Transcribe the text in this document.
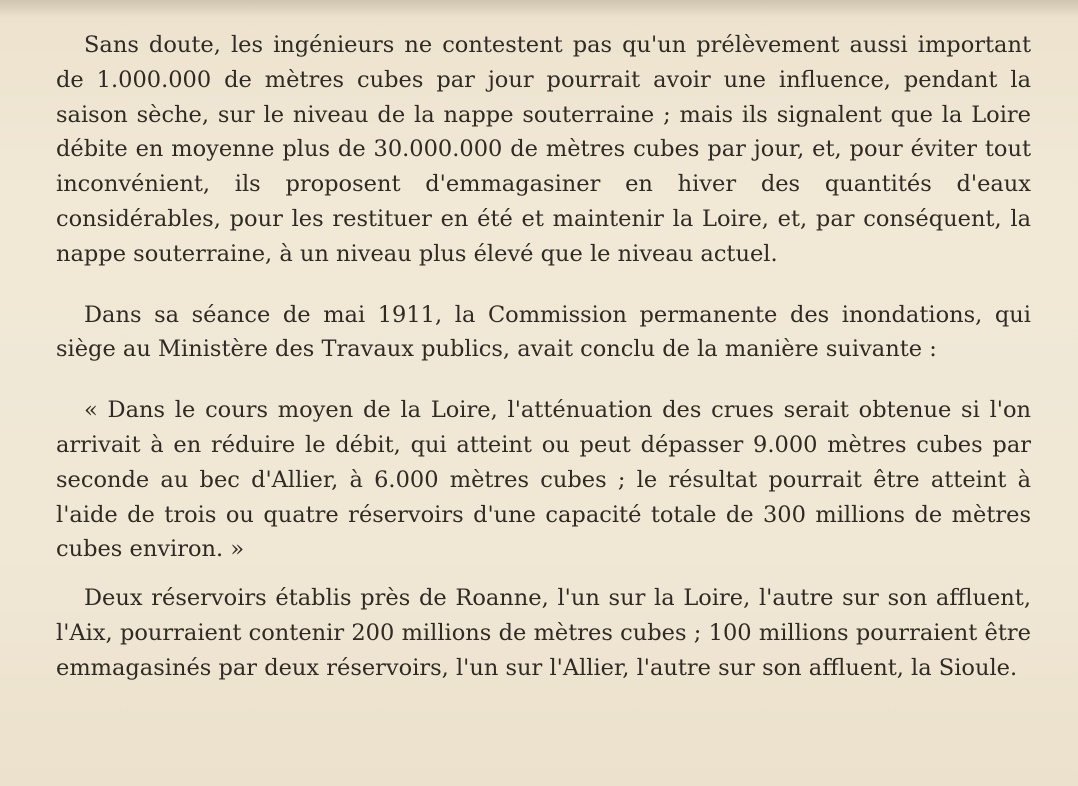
Sans doute, les ingénieurs ne contestent pas qu'un prélèvement aussi important de 1.000.000 de mètres cubes par jour pourrait avoir une influence, pendant la saison sèche, sur le niveau de la nappe souterraine ; mais ils signalent que la Loire débite en moyenne plus de 30.000.000 de mètres cubes par jour, et, pour éviter tout inconvénient, ils proposent d'emmagasiner en hiver des quantités d'eaux considérables, pour les restituer en été et maintenir la Loire, et, par conséquent, la nappe souterraine, à un niveau plus élevé que le niveau actuel.

Dans sa séance de mai 1911, la Commission permanente des inondations, qui siège au Ministère des Travaux publics, avait conclu de la manière suivante :

« Dans le cours moyen de la Loire, l'atténuation des crues serait obtenue si l'on arrivait à en réduire le débit, qui atteint ou peut dépasser 9.000 mètres cubes par seconde au bec d'Allier, à 6.000 mètres cubes ; le résultat pourrait être atteint à l'aide de trois ou quatre réservoirs d'une capacité totale de 300 millions de mètres cubes environ. »

Deux réservoirs établis près de Roanne, l'un sur la Loire, l'autre sur son affluent, l'Aix, pourraient contenir 200 millions de mètres cubes ; 100 millions pourraient être emmagasinés par deux réservoirs, l'un sur l'Allier, l'autre sur son affluent, la Sioule.
